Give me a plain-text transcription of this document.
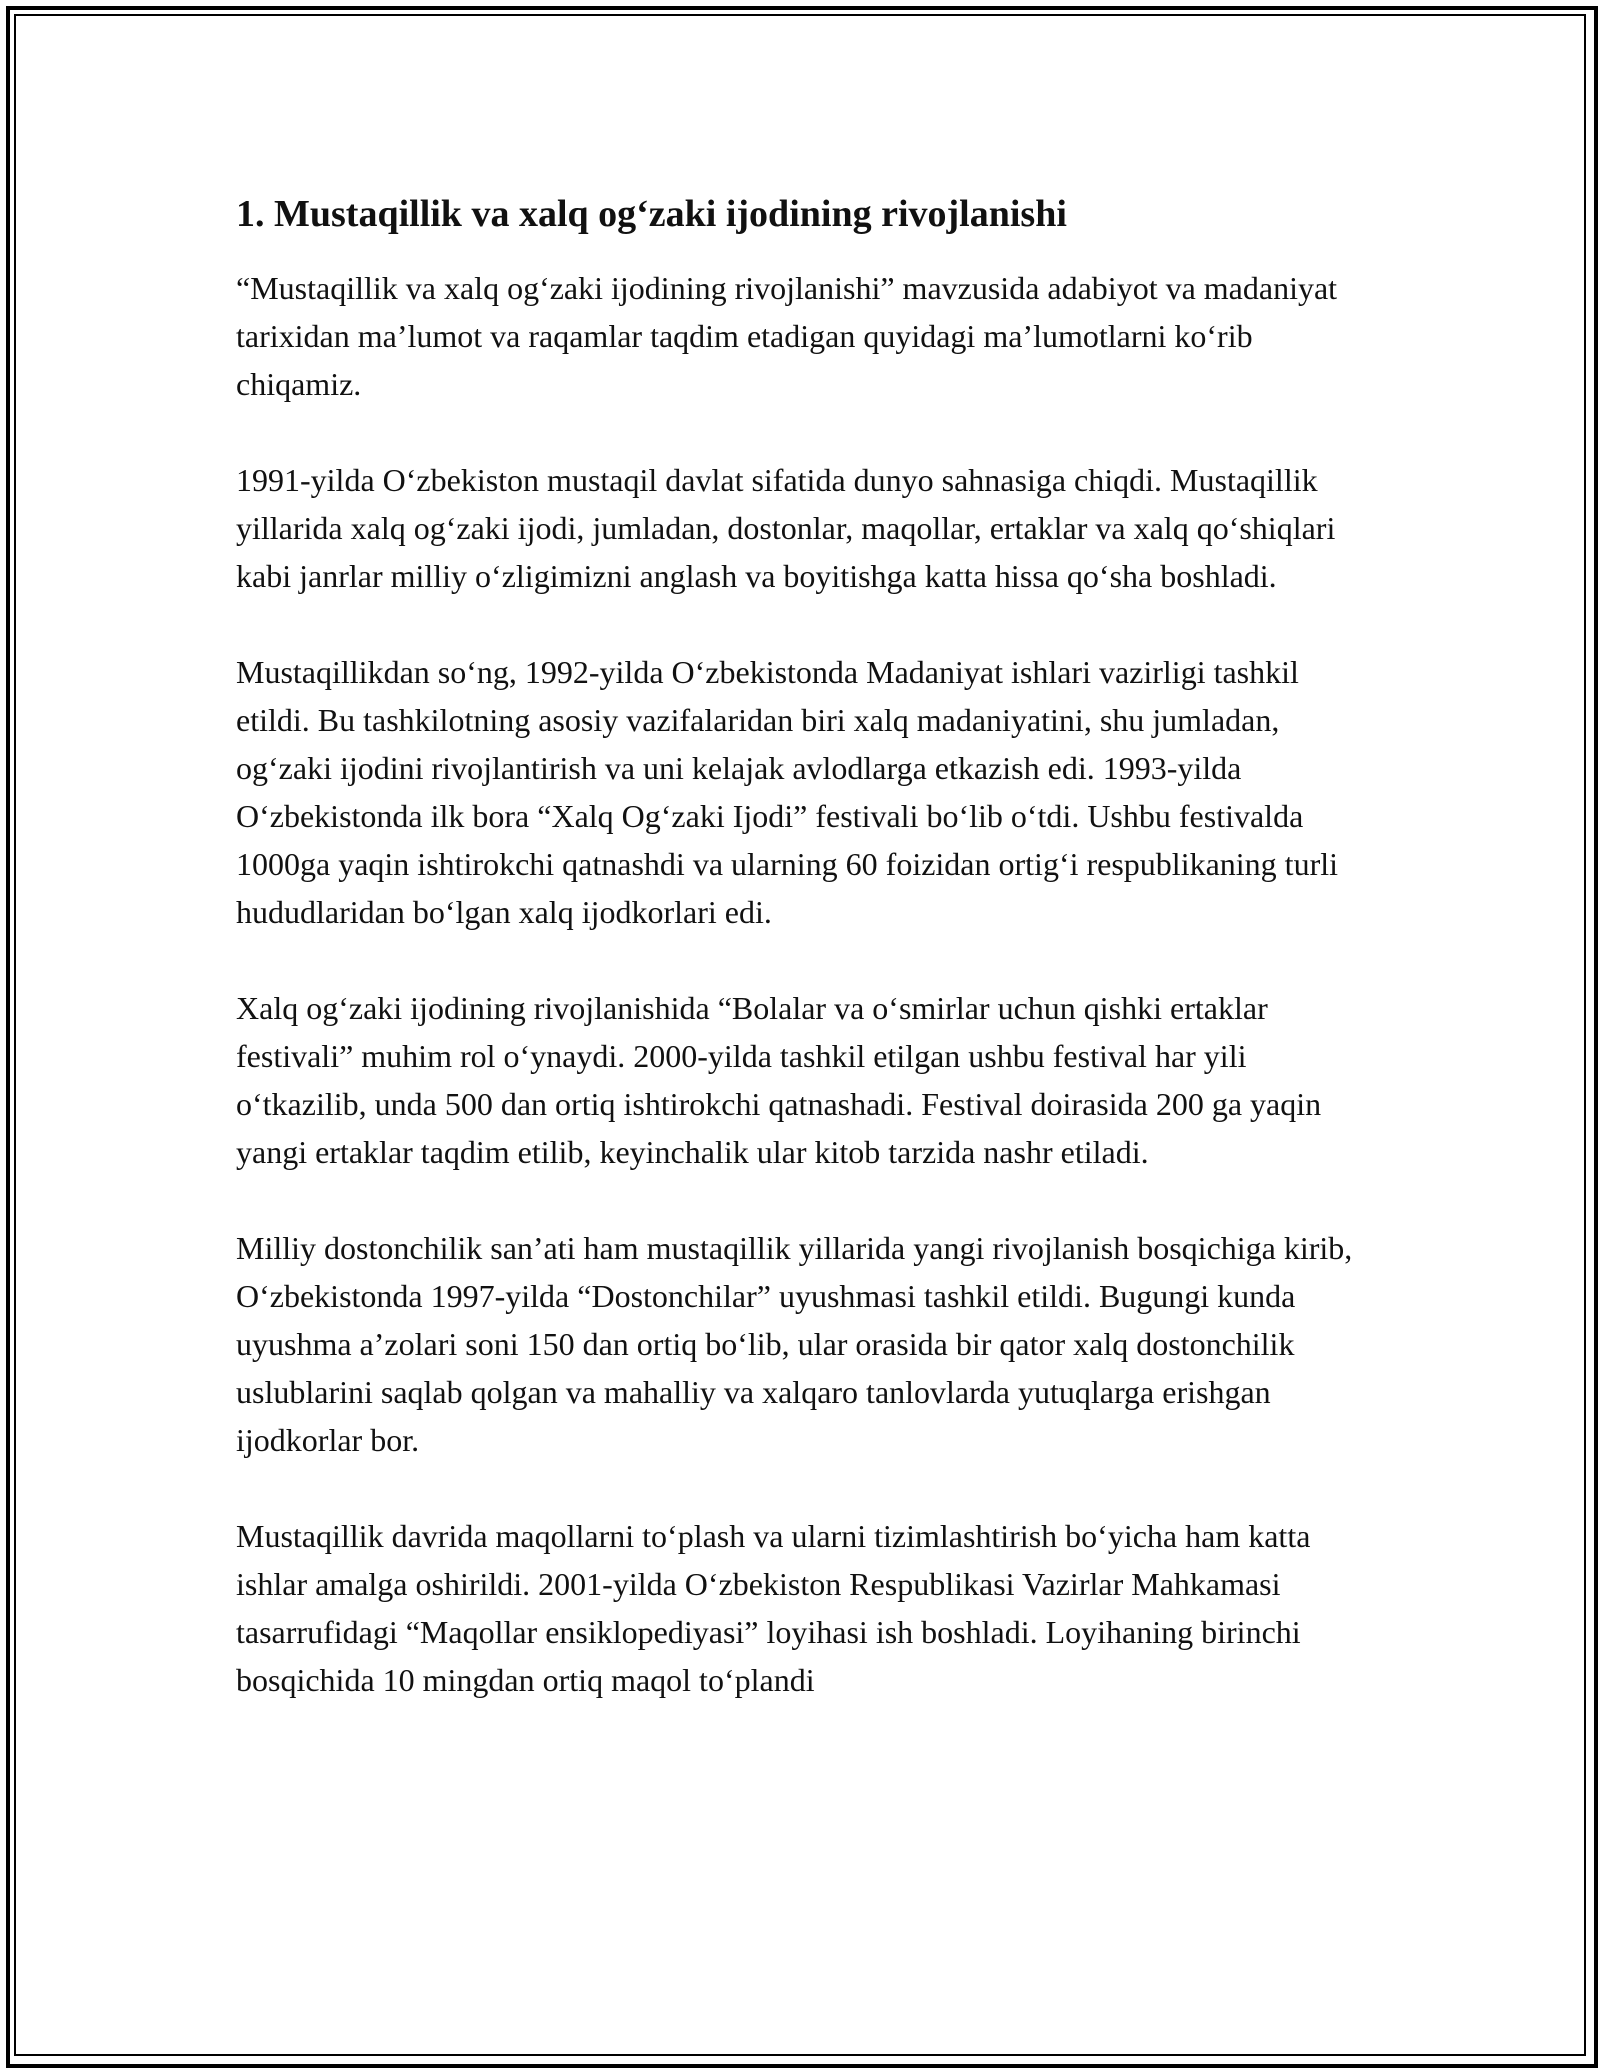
1. Mustaqillik va xalq og‘zaki ijodining rivojlanishi

“Mustaqillik va xalq og‘zaki ijodining rivojlanishi” mavzusida adabiyot va madaniyat tarixidan ma’lumot va raqamlar taqdim etadigan quyidagi ma’lumotlarni ko‘rib chiqamiz.

1991-yilda O‘zbekiston mustaqil davlat sifatida dunyo sahnasiga chiqdi. Mustaqillik yillarida xalq og‘zaki ijodi, jumladan, dostonlar, maqollar, ertaklar va xalq qo‘shiqlari kabi janrlar milliy o‘zligimizni anglash va boyitishga katta hissa qo‘sha boshladi.

Mustaqillikdan so‘ng, 1992-yilda O‘zbekistonda Madaniyat ishlari vazirligi tashkil etildi. Bu tashkilotning asosiy vazifalaridan biri xalq madaniyatini, shu jumladan, og‘zaki ijodini rivojlantirish va uni kelajak avlodlarga etkazish edi. 1993-yilda O‘zbekistonda ilk bora “Xalq Og‘zaki Ijodi” festivali bo‘lib o‘tdi. Ushbu festivalda 1000ga yaqin ishtirokchi qatnashdi va ularning 60 foizidan ortig‘i respublikaning turli hududlaridan bo‘lgan xalq ijodkorlari edi.

Xalq og‘zaki ijodining rivojlanishida “Bolalar va o‘smirlar uchun qishki ertaklar festivali” muhim rol o‘ynaydi. 2000-yilda tashkil etilgan ushbu festival har yili o‘tkazilib, unda 500 dan ortiq ishtirokchi qatnashadi. Festival doirasida 200 ga yaqin yangi ertaklar taqdim etilib, keyinchalik ular kitob tarzida nashr etiladi.

Milliy dostonchilik san’ati ham mustaqillik yillarida yangi rivojlanish bosqichiga kirib, O‘zbekistonda 1997-yilda “Dostonchilar” uyushmasi tashkil etildi. Bugungi kunda uyushma a’zolari soni 150 dan ortiq bo‘lib, ular orasida bir qator xalq dostonchilik uslublarini saqlab qolgan va mahalliy va xalqaro tanlovlarda yutuqlarga erishgan ijodkorlar bor.

Mustaqillik davrida maqollarni to‘plash va ularni tizimlashtirish bo‘yicha ham katta ishlar amalga oshirildi. 2001-yilda O‘zbekiston Respublikasi Vazirlar Mahkamasi tasarrufidagi “Maqollar ensiklopediyasi” loyihasi ish boshladi. Loyihaning birinchi bosqichida 10 mingdan ortiq maqol to‘plandi
